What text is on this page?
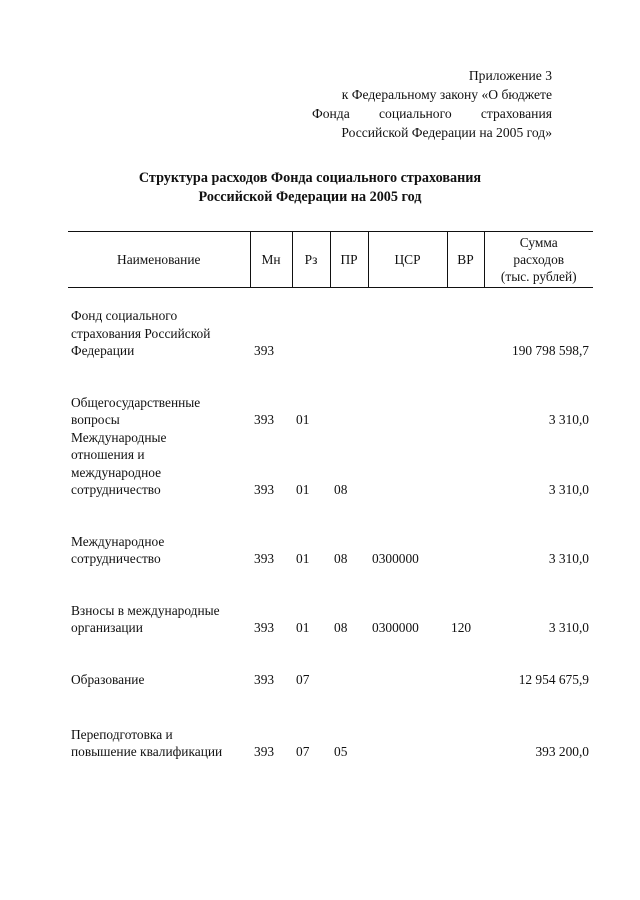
Приложение 3
к Федеральному закону «О бюджете
Фонда социального страхования
Российской Федерации на 2005 год»
Структура расходов Фонда социального страхования
Российской Федерации на 2005 год
Наименование	Мн	Рз	ПР	ЦСР	ВР	Сумма
расходов
(тыс. рублей)

Фонд социального
страхования Российской
Федерации	393					190 798 598,7

Общегосударственные
вопросы	393	01				3 310,0

Международные
отношения и
международное
сотрудничество	393	01	08			3 310,0

Международное
сотрудничество	393	01	08	0300000		3 310,0

Взносы в международные
организации	393	01	08	0300000	120	3 310,0

Образование	393	07				12 954 675,9

Переподготовка и
повышение квалификации	393	07	05			393 200,0
